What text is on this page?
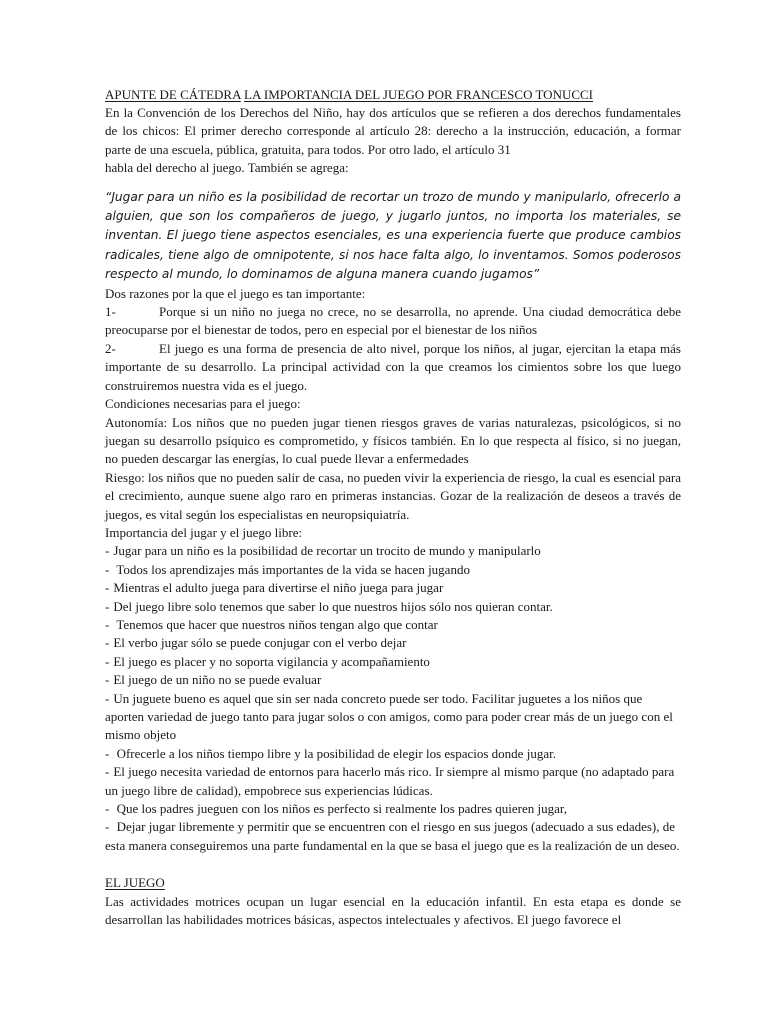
APUNTE DE CÁTEDRA LA IMPORTANCIA DEL JUEGO POR FRANCESCO TONUCCI

En la Convención de los Derechos del Niño, hay dos artículos que se refieren a dos derechos fundamentales de los chicos: El primer derecho corresponde al artículo 28: derecho a la instrucción, educación, a formar parte de una escuela, pública, gratuita, para todos. Por otro lado, el artículo 31

habla del derecho al juego. También se agrega:

“Jugar para un niño es la posibilidad de recortar un trozo de mundo y manipularlo, ofrecerlo a alguien, que son los compañeros de juego, y jugarlo juntos, no importa los materiales, se inventan. El juego tiene aspectos esenciales, es una experiencia fuerte que produce cambios radicales, tiene algo de omnipotente, si nos hace falta algo, lo inventamos. Somos poderosos respecto al mundo, lo dominamos de alguna manera cuando jugamos”

Dos razones por la que el juego es tan importante:

1-	Porque si un niño no juega no crece, no se desarrolla, no aprende. Una ciudad democrática debe preocuparse por el bienestar de todos, pero en especial por el bienestar de los niños

2-	El juego es una forma de presencia de alto nivel, porque los niños, al jugar, ejercitan la etapa más importante de su desarrollo. La principal actividad con la que creamos los cimientos sobre los que luego construiremos nuestra vida es el juego.

Condiciones necesarias para el juego:

Autonomía: Los niños que no pueden jugar tienen riesgos graves de varias naturalezas, psicológicos, si no juegan su desarrollo psíquico es comprometido, y físicos también. En lo que respecta al físico, si no juegan, no pueden descargar las energías, lo cual puede llevar a enfermedades

Riesgo: los niños que no pueden salir de casa, no pueden vivir la experiencia de riesgo, la cual es esencial para el crecimiento, aunque suene algo raro en primeras instancias. Gozar de la realización de deseos a través de juegos, es vital según los especialistas en neuropsiquiatría.

Importancia del jugar y el juego libre:

- Jugar para un niño es la posibilidad de recortar un trocito de mundo y manipularlo

- Todos los aprendizajes más importantes de la vida se hacen jugando

- Mientras el adulto juega para divertirse el niño juega para jugar

- Del juego libre solo tenemos que saber lo que nuestros hijos sólo nos quieran contar.

- Tenemos que hacer que nuestros niños tengan algo que contar

- El verbo jugar sólo se puede conjugar con el verbo dejar

- El juego es placer y no soporta vigilancia y acompañamiento

- El juego de un niño no se puede evaluar

- Un juguete bueno es aquel que sin ser nada concreto puede ser todo. Facilitar juguetes a los niños que aporten variedad de juego tanto para jugar solos o con amigos, como para poder crear más de un juego con el mismo objeto

- Ofrecerle a los niños tiempo libre y la posibilidad de elegir los espacios donde jugar.

- El juego necesita variedad de entornos para hacerlo más rico. Ir siempre al mismo parque (no adaptado para un juego libre de calidad), empobrece sus experiencias lúdicas.

- Que los padres jueguen con los niños es perfecto si realmente los padres quieren jugar,

- Dejar jugar libremente y permitir que se encuentren con el riesgo en sus juegos (adecuado a sus edades), de esta manera conseguiremos una parte fundamental en la que se basa el juego que es la realización de un deseo.

EL JUEGO

Las actividades motrices ocupan un lugar esencial en la educación infantil. En esta etapa es donde se desarrollan las habilidades motrices básicas, aspectos intelectuales y afectivos. El juego favorece el
